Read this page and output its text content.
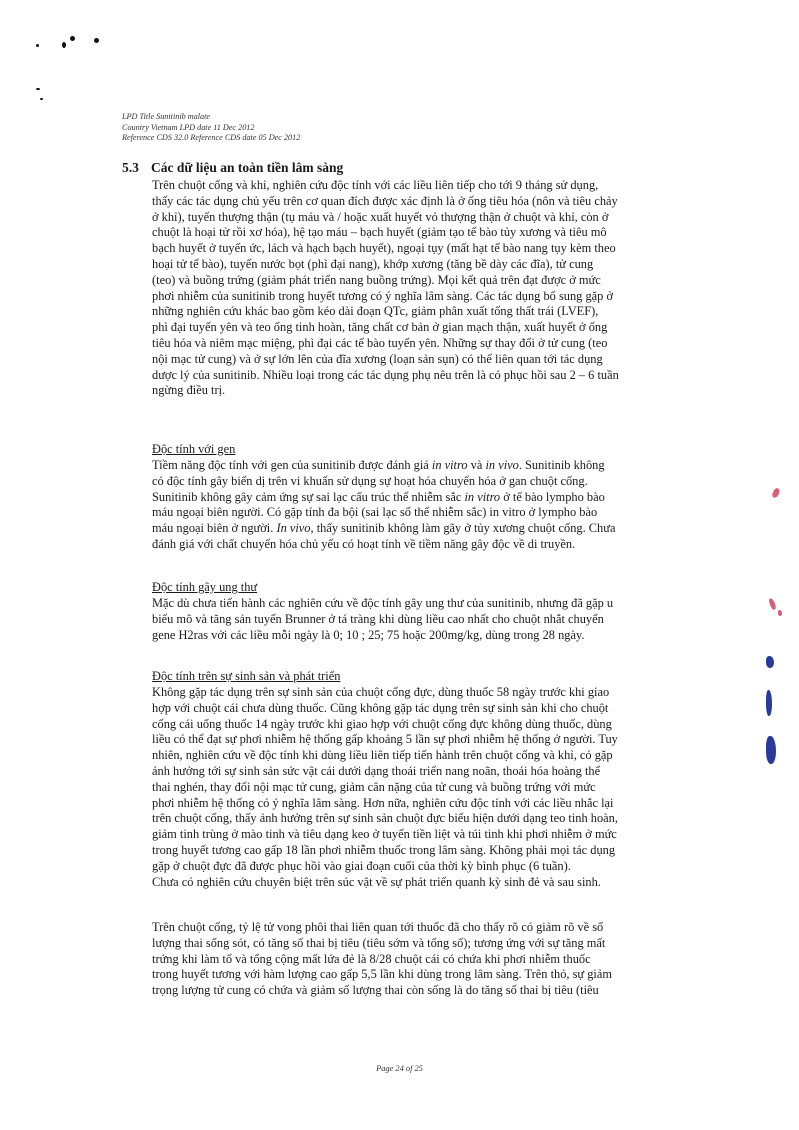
LPD Title Sunitinib malate
Country Vietnam LPD date 11 Dec 2012
Reference CDS 32.0 Reference CDS date 05 Dec 2012
5.3 Các dữ liệu an toàn tiền lâm sàng
Trên chuột cống và khỉ, nghiên cứu độc tính với các liều liên tiếp cho tới 9 tháng sử dụng,
thấy các tác dụng chủ yếu trên cơ quan đích được xác định là ở ống tiêu hóa (nôn và tiêu chảy
ở khỉ), tuyến thượng thận (tụ máu và / hoặc xuất huyết vỏ thượng thận ở chuột và khỉ, còn ở
chuột là hoại tử rồi xơ hóa), hệ tạo máu – bạch huyết (giảm tạo tế bào tủy xương và tiêu mô
bạch huyết ở tuyến ức, lách và hạch bạch huyết), ngoại tụy (mất hạt tế bào nang tụy kèm theo
hoại tử tế bào), tuyến nước bọt (phì đại nang), khớp xương (tăng bề dày các đĩa), tử cung
(teo) và buồng trứng (giảm phát triển nang buồng trứng). Mọi kết quả trên đạt được ở mức
phơi nhiễm của sunitinib trong huyết tương có ý nghĩa lâm sàng. Các tác dụng bổ sung gặp ở
những nghiên cứu khác bao gồm kéo dài đoạn QTc, giảm phân xuất tống thất trái (LVEF),
phì đại tuyến yên và teo ống tinh hoàn, tăng chất cơ bản ở gian mạch thận, xuất huyết ở ống
tiêu hóa và niêm mạc miệng, phì đại các tế bào tuyến yên. Những sự thay đổi ở tử cung (teo
nội mạc tử cung) và ở sự lớn lên của đĩa xương (loạn sản sụn) có thể liên quan tới tác dụng
dược lý của sunitinib. Nhiều loại trong các tác dụng phụ nêu trên là có phục hồi sau 2 – 6 tuần
ngừng điều trị.
Độc tính với gen
Tiềm năng độc tính với gen của sunitinib được đánh giá in vitro và in vivo. Sunitinib không
có độc tính gây biến dị trên vi khuẩn sử dụng sự hoạt hóa chuyển hóa ở gan chuột cống.
Sunitinib không gây cảm ứng sự sai lạc cấu trúc thể nhiễm sắc in vitro ở tế bào lympho bào
máu ngoại biên người. Có gặp tính đa bội (sai lạc số thể nhiễm sắc) in vitro ở lympho bào
máu ngoại biên ở người. In vivo, thấy sunitinib không làm gãy ở tủy xương chuột cống. Chưa
đánh giá với chất chuyển hóa chủ yếu có hoạt tính về tiềm năng gây độc về di truyền.
Độc tính gây ung thư
Mặc dù chưa tiến hành các nghiên cứu về độc tính gây ung thư của sunitinib, nhưng đã gặp u
biểu mô và tăng sản tuyến Brunner ở tá tràng khi dùng liều cao nhất cho chuột nhắt chuyển
gene H2ras với các liều mỗi ngày là 0; 10 ; 25; 75 hoặc 200mg/kg, dùng trong 28 ngày.
Độc tính trên sự sinh sản và phát triển
Không gặp tác dụng trên sự sinh sản của chuột cống đực, dùng thuốc 58 ngày trước khi giao
hợp với chuột cái chưa dùng thuốc. Cũng không gặp tác dụng trên sự sinh sản khi cho chuột
cống cái uống thuốc 14 ngày trước khi giao hợp với chuột cống đực không dùng thuốc, dùng
liều có thể đạt sự phơi nhiễm hệ thống gấp khoảng 5 lần sự phơi nhiễm hệ thống ở người. Tuy
nhiên, nghiên cứu về độc tính khi dùng liều liên tiếp tiến hành trên chuột cống và khỉ, có gặp
ảnh hưởng tới sự sinh sản sức vật cái dưới dạng thoái triển nang noãn, thoái hóa hoàng thể
thai nghén, thay đổi nội mạc tử cung, giảm cân nặng của tử cung và buồng trứng với mức
phơi nhiễm hệ thống có ý nghĩa lâm sàng. Hơn nữa, nghiên cứu độc tính với các liều nhắc lại
trên chuột cống, thấy ảnh hưởng trên sự sinh sản chuột đực biểu hiện dưới dạng teo tinh hoàn,
giảm tinh trùng ở mào tinh và tiêu dạng keo ở tuyến tiền liệt và túi tinh khi phơi nhiễm ở mức
trong huyết tương cao gấp 18 lần phơi nhiễm thuốc trong lâm sàng. Không phải mọi tác dụng
gặp ở chuột đực đã được phục hồi vào giai đoạn cuối của thời kỳ bình phục (6 tuần).
Chưa có nghiên cứu chuyên biệt trên súc vật về sự phát triển quanh kỳ sinh đẻ và sau sinh.
Trên chuột cống, tỷ lệ tử vong phôi thai liên quan tới thuốc đã cho thấy rõ có giảm rõ về số
lượng thai sống sót, có tăng số thai bị tiêu (tiêu sớm và tổng số); tương ứng với sự tăng mất
trứng khi làm tổ và tổng cộng mất lứa đẻ là 8/28 chuột cái có chứa khi phơi nhiễm thuốc
trong huyết tương với hàm lượng cao gấp 5,5 lần khi dùng trong lâm sàng. Trên thỏ, sự giảm
trọng lượng tử cung có chứa và giảm số lượng thai còn sống là do tăng số thai bị tiêu (tiêu
Page 24 of 25
